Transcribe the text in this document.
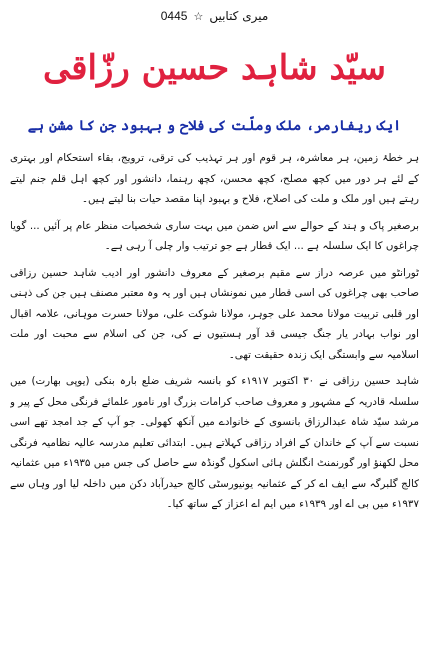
میری کتابیں
☆
0445
سیّد شاہد حسین رزّاقی
ایک ریفارمر، ملک وملّت کی فلاح و بہبود جن کا مشن ہے

ہر خطۂ زمین، ہر معاشرہ، ہر قوم اور ہر تہذیب کی ترقی، ترویج، بقاء استحکام اور بہتری کے لئے ہر دور میں کچھ مصلح، کچھ محسن، کچھ رہنما، دانشور اور کچھ اہل قلم جنم لیتے رہتے ہیں اور ملک و ملت کی اصلاح، فلاح و بہبود اپنا مقصد حیات بنا لیتے ہیں۔

برصغیر پاک و ہند کے حوالے سے اس ضمن میں بہت ساری شخصیات منظر عام پر آئیں ... گویا چراغوں کا ایک سلسلہ ہے ... ایک قطار ہے جو ترتیب وار چلی آ رہی ہے۔

ٹورانٹو میں عرصہ دراز سے مقیم برصغیر کے معروف دانشور اور ادیب شاہد حسین رزاقی صاحب بھی چراغوں کی اسی قطار میں نمونشاں ہیں اور یہ وہ معتبر مصنف ہیں جن کی ذہنی اور قلبی تربیت مولانا محمد علی جوہر، مولانا شوکت علی، مولانا حسرت موہانی، علامہ اقبال اور نواب بہادر یار جنگ جیسی قد آور ہستیوں نے کی، جن کی اسلام سے محبت اور ملت اسلامیہ سے وابستگی ایک زندہ حقیقت تھی۔

شاہد حسین رزاقی نے ۳۰ اکتوبر ۱۹۱۷ء کو بانسہ شریف ضلع بارہ بنکی (یوپی بھارت) میں سلسلہ قادریہ کے مشہور و معروف صاحب کرامات بزرگ اور نامور علمائے فرنگی محل کے پیر و مرشد سیّد شاہ عبدالرزاق بانسوی کے خانوادے میں آنکھ کھولی۔ جو آپ کے جد امجد تھے اسی نسبت سے آپ کے خاندان کے افراد رزاقی کہلاتے ہیں۔ ابتدائی تعلیم مدرسہ عالیہ نظامیہ فرنگی محل لکھنؤ اور گورنمنٹ انگلش ہائی اسکول گونڈہ سے حاصل کی جس میں ۱۹۳۵ء میں عثمانیہ کالج گلبرگہ سے ایف اے کر کے عثمانیہ یونیورسٹی کالج حیدرآباد دکن میں داخلہ لیا اور وہاں سے ۱۹۳۷ء میں بی اے اور ۱۹۳۹ء میں ایم اے اعزاز کے ساتھ کیا۔
